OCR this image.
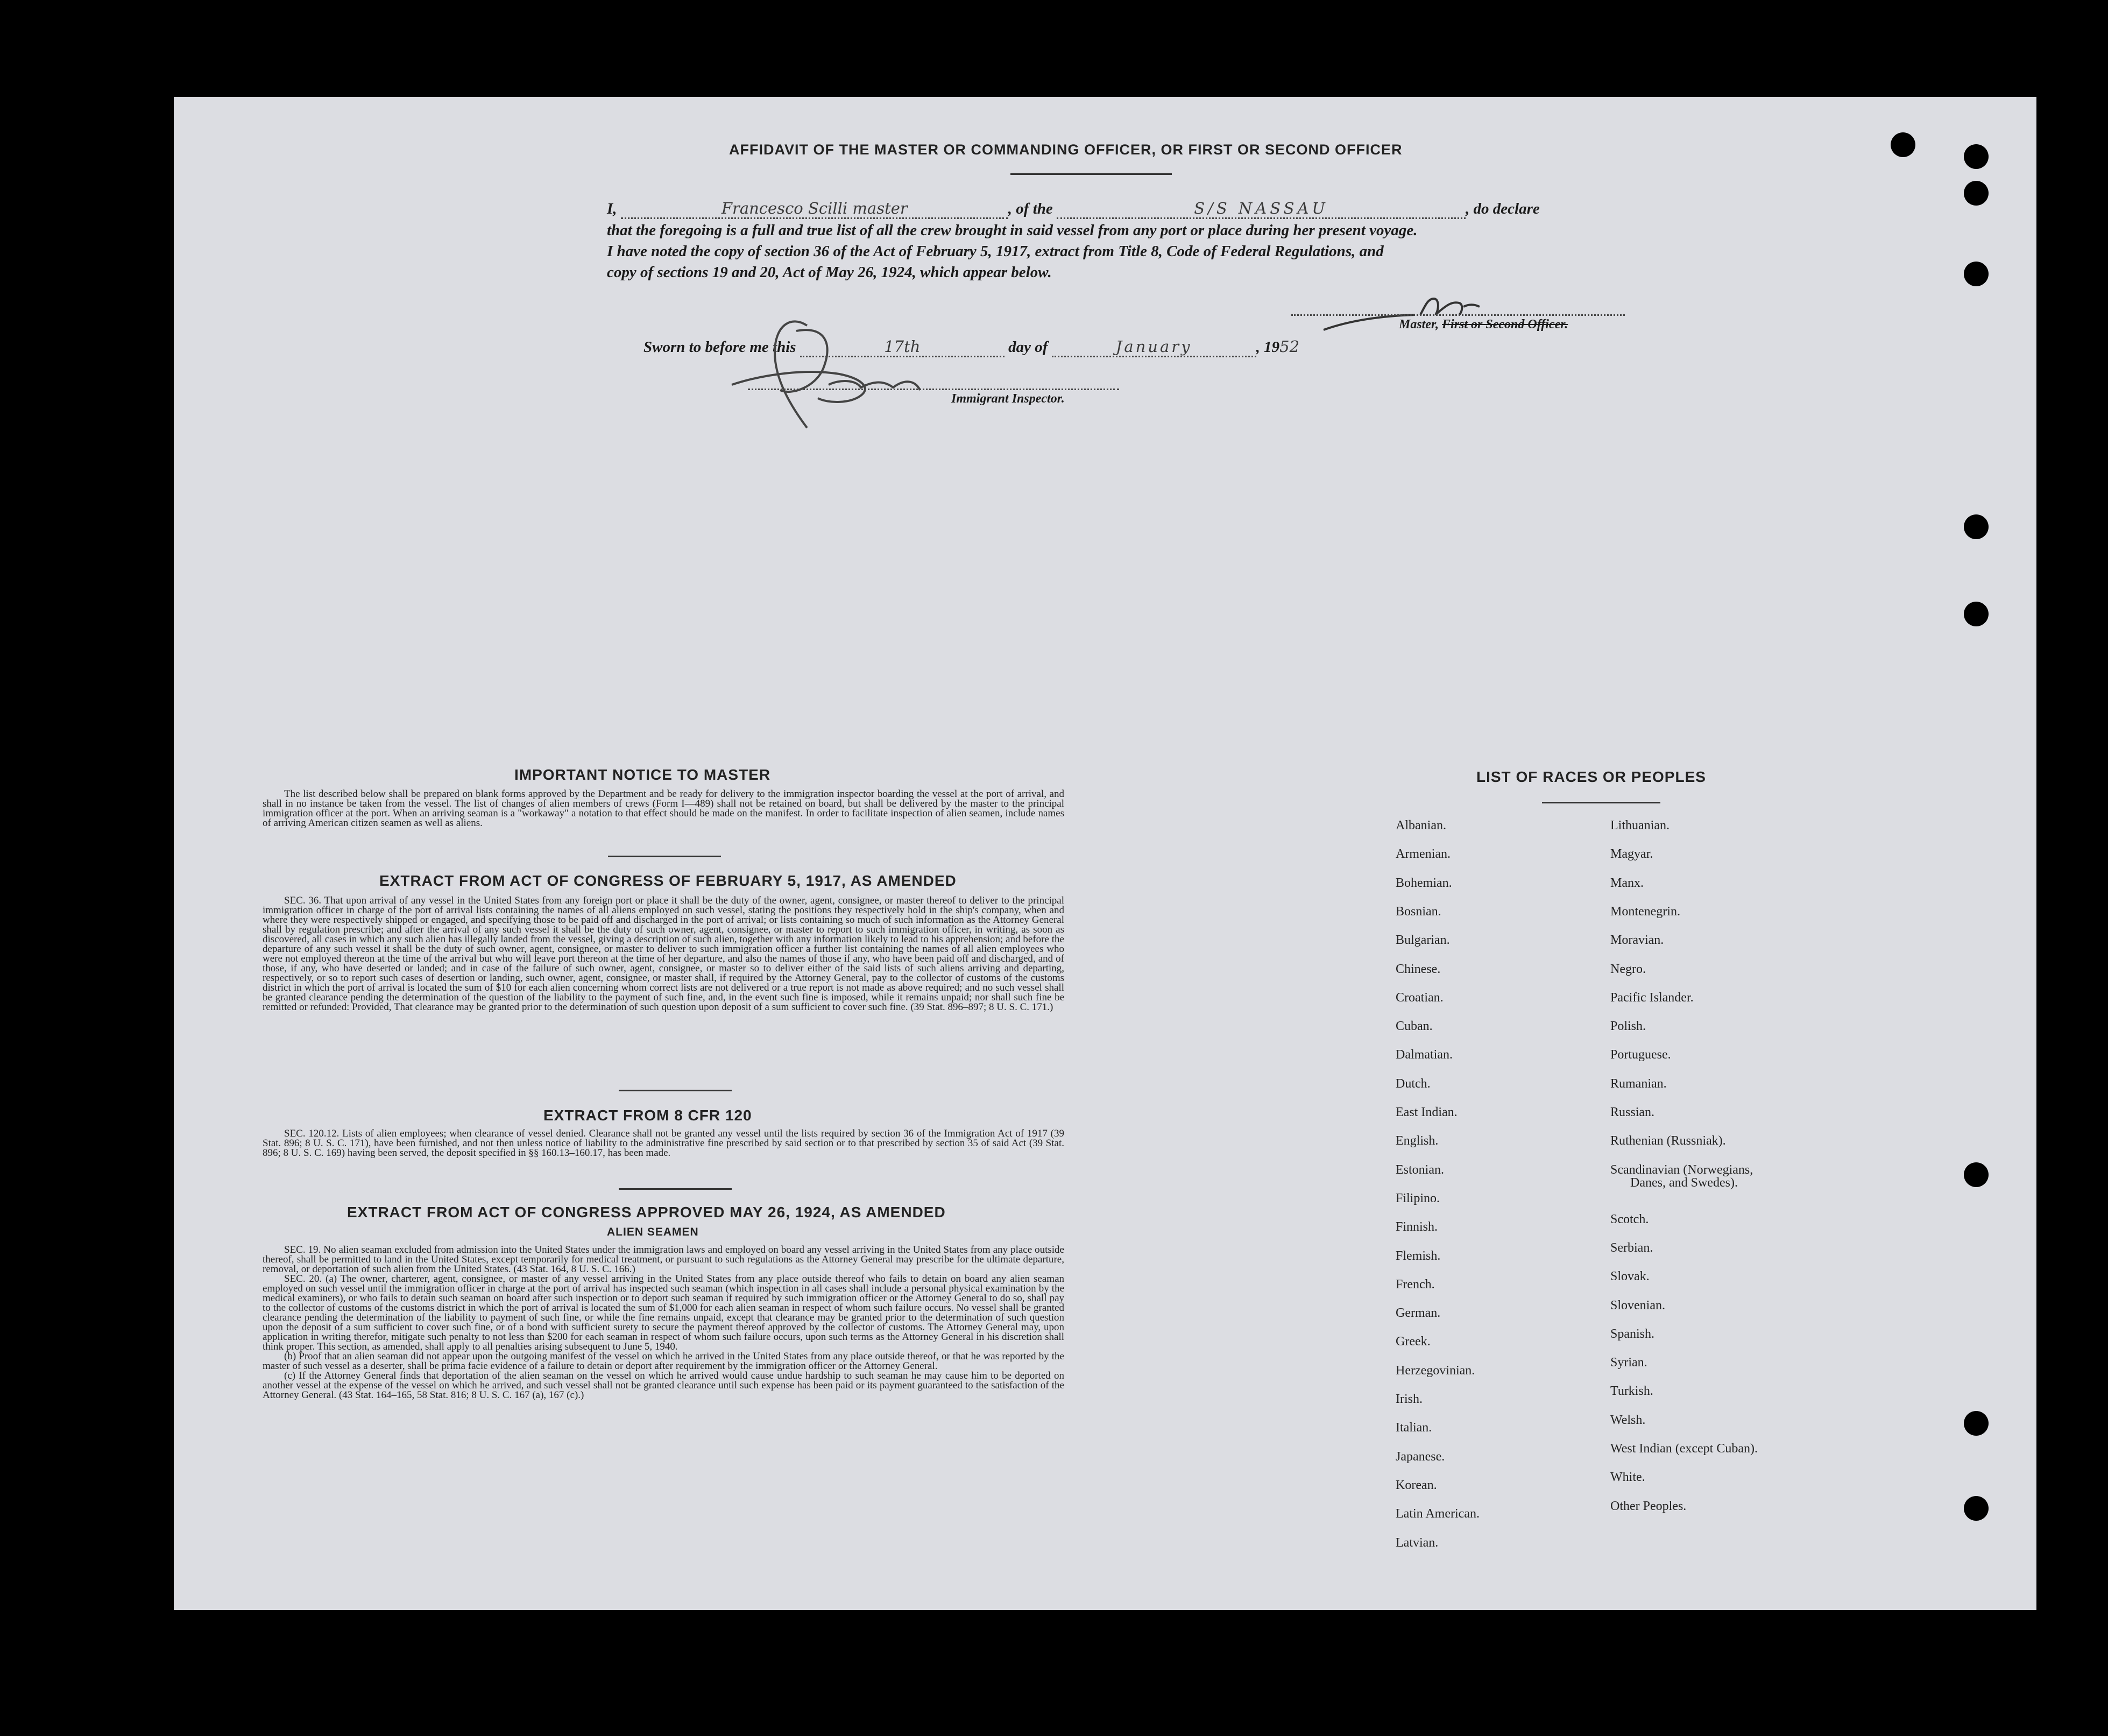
AFFIDAVIT OF THE MASTER OR COMMANDING OFFICER, OR FIRST OR SECOND OFFICER
I,	Francesco Scilli master	, of the	S/S NASSAU	, do declare
that the foregoing is a full and true list of all the crew brought in said vessel from any port or place during her present voyage.
I have noted the copy of section 36 of the Act of February 5, 1917, extract from Title 8, Code of Federal Regulations, and
copy of sections 19 and 20, Act of May 26, 1924, which appear below.
Master, First or Second Officer.
Sworn to before me this	17th	day of	January	, 1952
Immigrant Inspector.
IMPORTANT NOTICE TO MASTER

The list described below shall be prepared on blank forms approved by the Department and be ready for delivery to the immigration inspector boarding the vessel at the port of arrival, and shall in no instance be taken from the vessel. The list of changes of alien members of crews (Form I—489) shall not be retained on board, but shall be delivered by the master to the principal immigration officer at the port. When an arriving seaman is a "workaway" a notation to that effect should be made on the manifest. In order to facilitate inspection of alien seamen, include names of arriving American citizen seamen as well as aliens.

EXTRACT FROM ACT OF CONGRESS OF FEBRUARY 5, 1917, AS AMENDED

SEC. 36. That upon arrival of any vessel in the United States from any foreign port or place it shall be the duty of the owner, agent, consignee, or master thereof to deliver to the principal immigration officer in charge of the port of arrival lists containing the names of all aliens employed on such vessel, stating the positions they respectively hold in the ship's company, when and where they were respectively shipped or engaged, and specifying those to be paid off and discharged in the port of arrival; or lists containing so much of such information as the Attorney General shall by regulation prescribe; and after the arrival of any such vessel it shall be the duty of such owner, agent, consignee, or master to report to such immigration officer, in writing, as soon as discovered, all cases in which any such alien has illegally landed from the vessel, giving a description of such alien, together with any information likely to lead to his apprehension; and before the departure of any such vessel it shall be the duty of such owner, agent, consignee, or master to deliver to such immigration officer a further list containing the names of all alien employees who were not employed thereon at the time of the arrival but who will leave port thereon at the time of her departure, and also the names of those if any, who have been paid off and discharged, and of those, if any, who have deserted or landed; and in case of the failure of such owner, agent, consignee, or master so to deliver either of the said lists of such aliens arriving and departing, respectively, or so to report such cases of desertion or landing, such owner, agent, consignee, or master shall, if required by the Attorney General, pay to the collector of customs of the customs district in which the port of arrival is located the sum of $10 for each alien concerning whom correct lists are not delivered or a true report is not made as above required; and no such vessel shall be granted clearance pending the determination of the question of the liability to the payment of such fine, and, in the event such fine is imposed, while it remains unpaid; nor shall such fine be remitted or refunded: Provided, That clearance may be granted prior to the determination of such question upon deposit of a sum sufficient to cover such fine. (39 Stat. 896–897; 8 U. S. C. 171.)

EXTRACT FROM 8 CFR 120

SEC. 120.12. Lists of alien employees; when clearance of vessel denied. Clearance shall not be granted any vessel until the lists required by section 36 of the Immigration Act of 1917 (39 Stat. 896; 8 U. S. C. 171), have been furnished, and not then unless notice of liability to the administrative fine prescribed by said section or to that prescribed by section 35 of said Act (39 Stat. 896; 8 U. S. C. 169) having been served, the deposit specified in §§ 160.13–160.17, has been made.

EXTRACT FROM ACT OF CONGRESS APPROVED MAY 26, 1924, AS AMENDED
ALIEN SEAMEN

SEC. 19. No alien seaman excluded from admission into the United States under the immigration laws and employed on board any vessel arriving in the United States from any place outside thereof, shall be permitted to land in the United States, except temporarily for medical treatment, or pursuant to such regulations as the Attorney General may prescribe for the ultimate departure, removal, or deportation of such alien from the United States. (43 Stat. 164, 8 U. S. C. 166.)

SEC. 20. (a) The owner, charterer, agent, consignee, or master of any vessel arriving in the United States from any place outside thereof who fails to detain on board any alien seaman employed on such vessel until the immigration officer in charge at the port of arrival has inspected such seaman (which inspection in all cases shall include a personal physical examination by the medical examiners), or who fails to detain such seaman on board after such inspection or to deport such seaman if required by such immigration officer or the Attorney General to do so, shall pay to the collector of customs of the customs district in which the port of arrival is located the sum of $1,000 for each alien seaman in respect of whom such failure occurs. No vessel shall be granted clearance pending the determination of the liability to payment of such fine, or while the fine remains unpaid, except that clearance may be granted prior to the determination of such question upon the deposit of a sum sufficient to cover such fine, or of a bond with sufficient surety to secure the payment thereof approved by the collector of customs. The Attorney General may, upon application in writing therefor, mitigate such penalty to not less than $200 for each seaman in respect of whom such failure occurs, upon such terms as the Attorney General in his discretion shall think proper. This section, as amended, shall apply to all penalties arising subsequent to June 5, 1940.

(b) Proof that an alien seaman did not appear upon the outgoing manifest of the vessel on which he arrived in the United States from any place outside thereof, or that he was reported by the master of such vessel as a deserter, shall be prima facie evidence of a failure to detain or deport after requirement by the immigration officer or the Attorney General.

(c) If the Attorney General finds that deportation of the alien seaman on the vessel on which he arrived would cause undue hardship to such seaman he may cause him to be deported on another vessel at the expense of the vessel on which he arrived, and such vessel shall not be granted clearance until such expense has been paid or its payment guaranteed to the satisfaction of the Attorney General. (43 Stat. 164–165, 58 Stat. 816; 8 U. S. C. 167 (a), 167 (c).)

LIST OF RACES OR PEOPLES
Albanian.
Armenian.
Bohemian.
Bosnian.
Bulgarian.
Chinese.
Croatian.
Cuban.
Dalmatian.
Dutch.
East Indian.
English.
Estonian.
Filipino.
Finnish.
Flemish.
French.
German.
Greek.
Herzegovinian.
Irish.
Italian.
Japanese.
Korean.
Latin American.
Latvian.
Lithuanian.
Magyar.
Manx.
Montenegrin.
Moravian.
Negro.
Pacific Islander.
Polish.
Portuguese.
Rumanian.
Russian.
Ruthenian (Russniak).
Scandinavian (Norwegians,
Danes, and Swedes).
Scotch.
Serbian.
Slovak.
Slovenian.
Spanish.
Syrian.
Turkish.
Welsh.
West Indian (except Cuban).
White.
Other Peoples.
